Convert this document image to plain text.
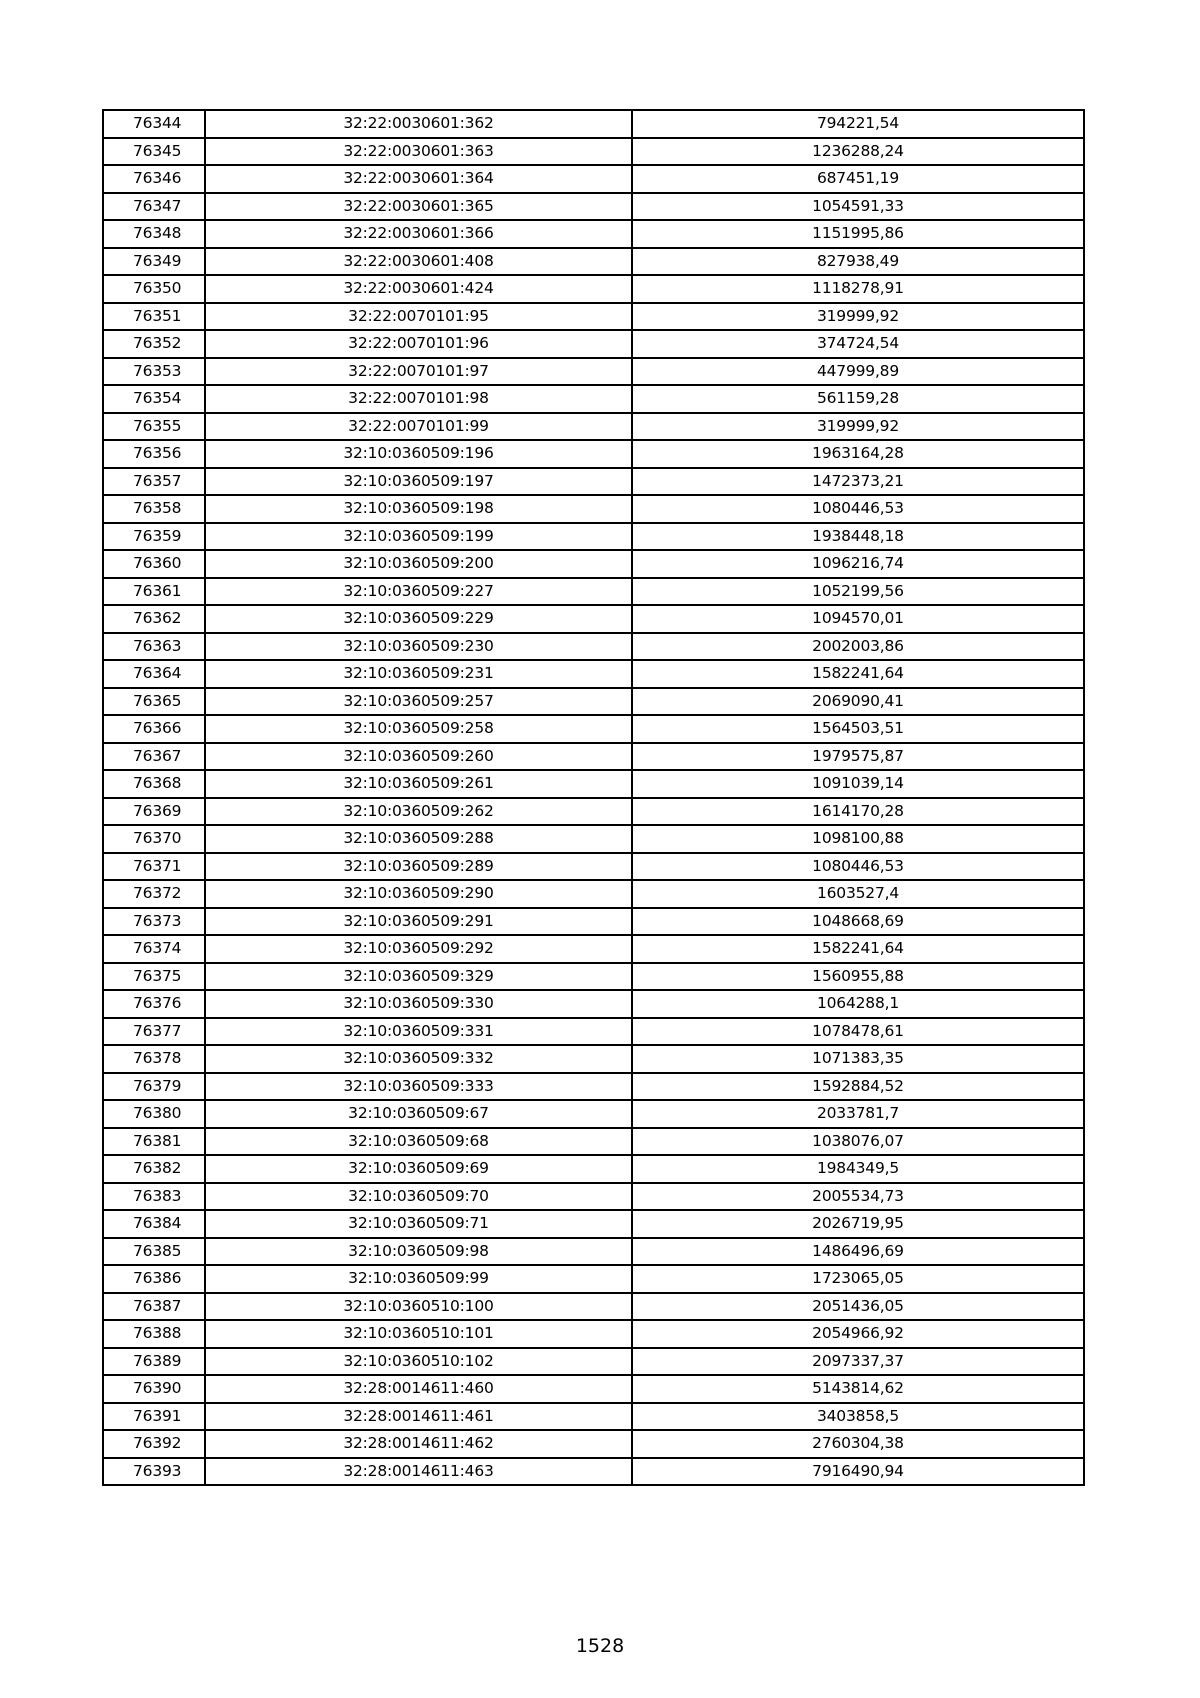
76344	32:22:0030601:362	794221,54
76345	32:22:0030601:363	1236288,24
76346	32:22:0030601:364	687451,19
76347	32:22:0030601:365	1054591,33
76348	32:22:0030601:366	1151995,86
76349	32:22:0030601:408	827938,49
76350	32:22:0030601:424	1118278,91
76351	32:22:0070101:95	319999,92
76352	32:22:0070101:96	374724,54
76353	32:22:0070101:97	447999,89
76354	32:22:0070101:98	561159,28
76355	32:22:0070101:99	319999,92
76356	32:10:0360509:196	1963164,28
76357	32:10:0360509:197	1472373,21
76358	32:10:0360509:198	1080446,53
76359	32:10:0360509:199	1938448,18
76360	32:10:0360509:200	1096216,74
76361	32:10:0360509:227	1052199,56
76362	32:10:0360509:229	1094570,01
76363	32:10:0360509:230	2002003,86
76364	32:10:0360509:231	1582241,64
76365	32:10:0360509:257	2069090,41
76366	32:10:0360509:258	1564503,51
76367	32:10:0360509:260	1979575,87
76368	32:10:0360509:261	1091039,14
76369	32:10:0360509:262	1614170,28
76370	32:10:0360509:288	1098100,88
76371	32:10:0360509:289	1080446,53
76372	32:10:0360509:290	1603527,4
76373	32:10:0360509:291	1048668,69
76374	32:10:0360509:292	1582241,64
76375	32:10:0360509:329	1560955,88
76376	32:10:0360509:330	1064288,1
76377	32:10:0360509:331	1078478,61
76378	32:10:0360509:332	1071383,35
76379	32:10:0360509:333	1592884,52
76380	32:10:0360509:67	2033781,7
76381	32:10:0360509:68	1038076,07
76382	32:10:0360509:69	1984349,5
76383	32:10:0360509:70	2005534,73
76384	32:10:0360509:71	2026719,95
76385	32:10:0360509:98	1486496,69
76386	32:10:0360509:99	1723065,05
76387	32:10:0360510:100	2051436,05
76388	32:10:0360510:101	2054966,92
76389	32:10:0360510:102	2097337,37
76390	32:28:0014611:460	5143814,62
76391	32:28:0014611:461	3403858,5
76392	32:28:0014611:462	2760304,38
76393	32:28:0014611:463	7916490,94
1528
